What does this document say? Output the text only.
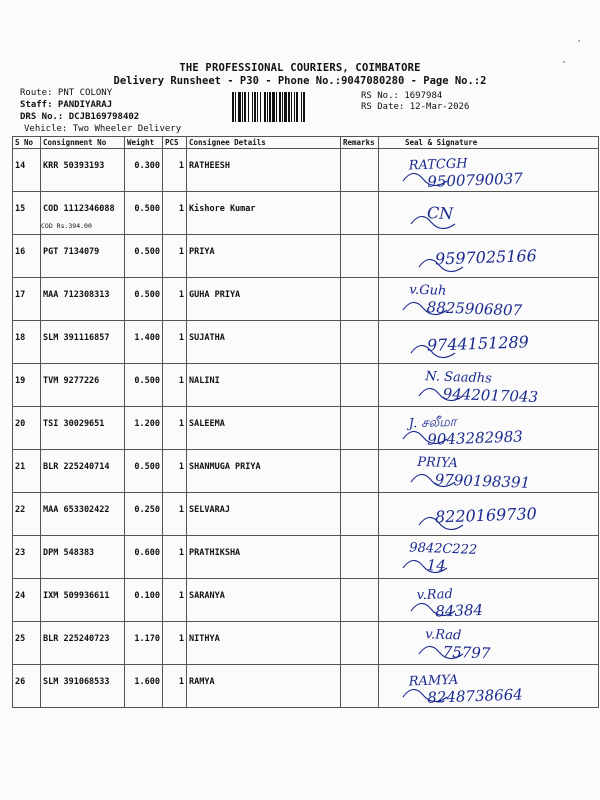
THE PROFESSIONAL COURIERS, COIMBATORE
Delivery Runsheet - P30 - Phone No.:9047080280 - Page No.:2
Route: PNT COLONY
Staff: PANDIYARAJ
DRS No.: DCJB169798402
Vehicle: Two Wheeler Delivery
RS No.: 1697984
RS Date: 12-Mar-2026
S No	Consignment No	Weight	PCS	Consignee Details	Remarks	Seal & Signature
14	KRR 50393193	0.300	1	RATHEESH		RATCGH9500790037

15	COD 1112346088
COD Rs.394.00	0.500	1	Kishore Kumar		CN

16	PGT 7134079	0.500	1	PRIYA		9597025166

17	MAA 712308313	0.500	1	GUHA PRIYA		v.Guh8825906807

18	SLM 391116857	1.400	1	SUJATHA		9744151289

19	TVM 9277226	0.500	1	NALINI		N. Saadhs9442017043

20	TSI 30029651	1.200	1	SALEEMA		J. சலீமா9043282983

21	BLR 225240714	0.500	1	SHANMUGA PRIYA		PRIYA9790198391

22	MAA 653302422	0.250	1	SELVARAJ		8220169730

23	DPM 548383	0.600	1	PRATHIKSHA		9842C22214

24	IXM 509936611	0.100	1	SARANYA		v.Rad84384

25	BLR 225240723	1.170	1	NITHYA		v.Rad75797

26	SLM 391068533	1.600	1	RAMYA		RAMYA8248738664
